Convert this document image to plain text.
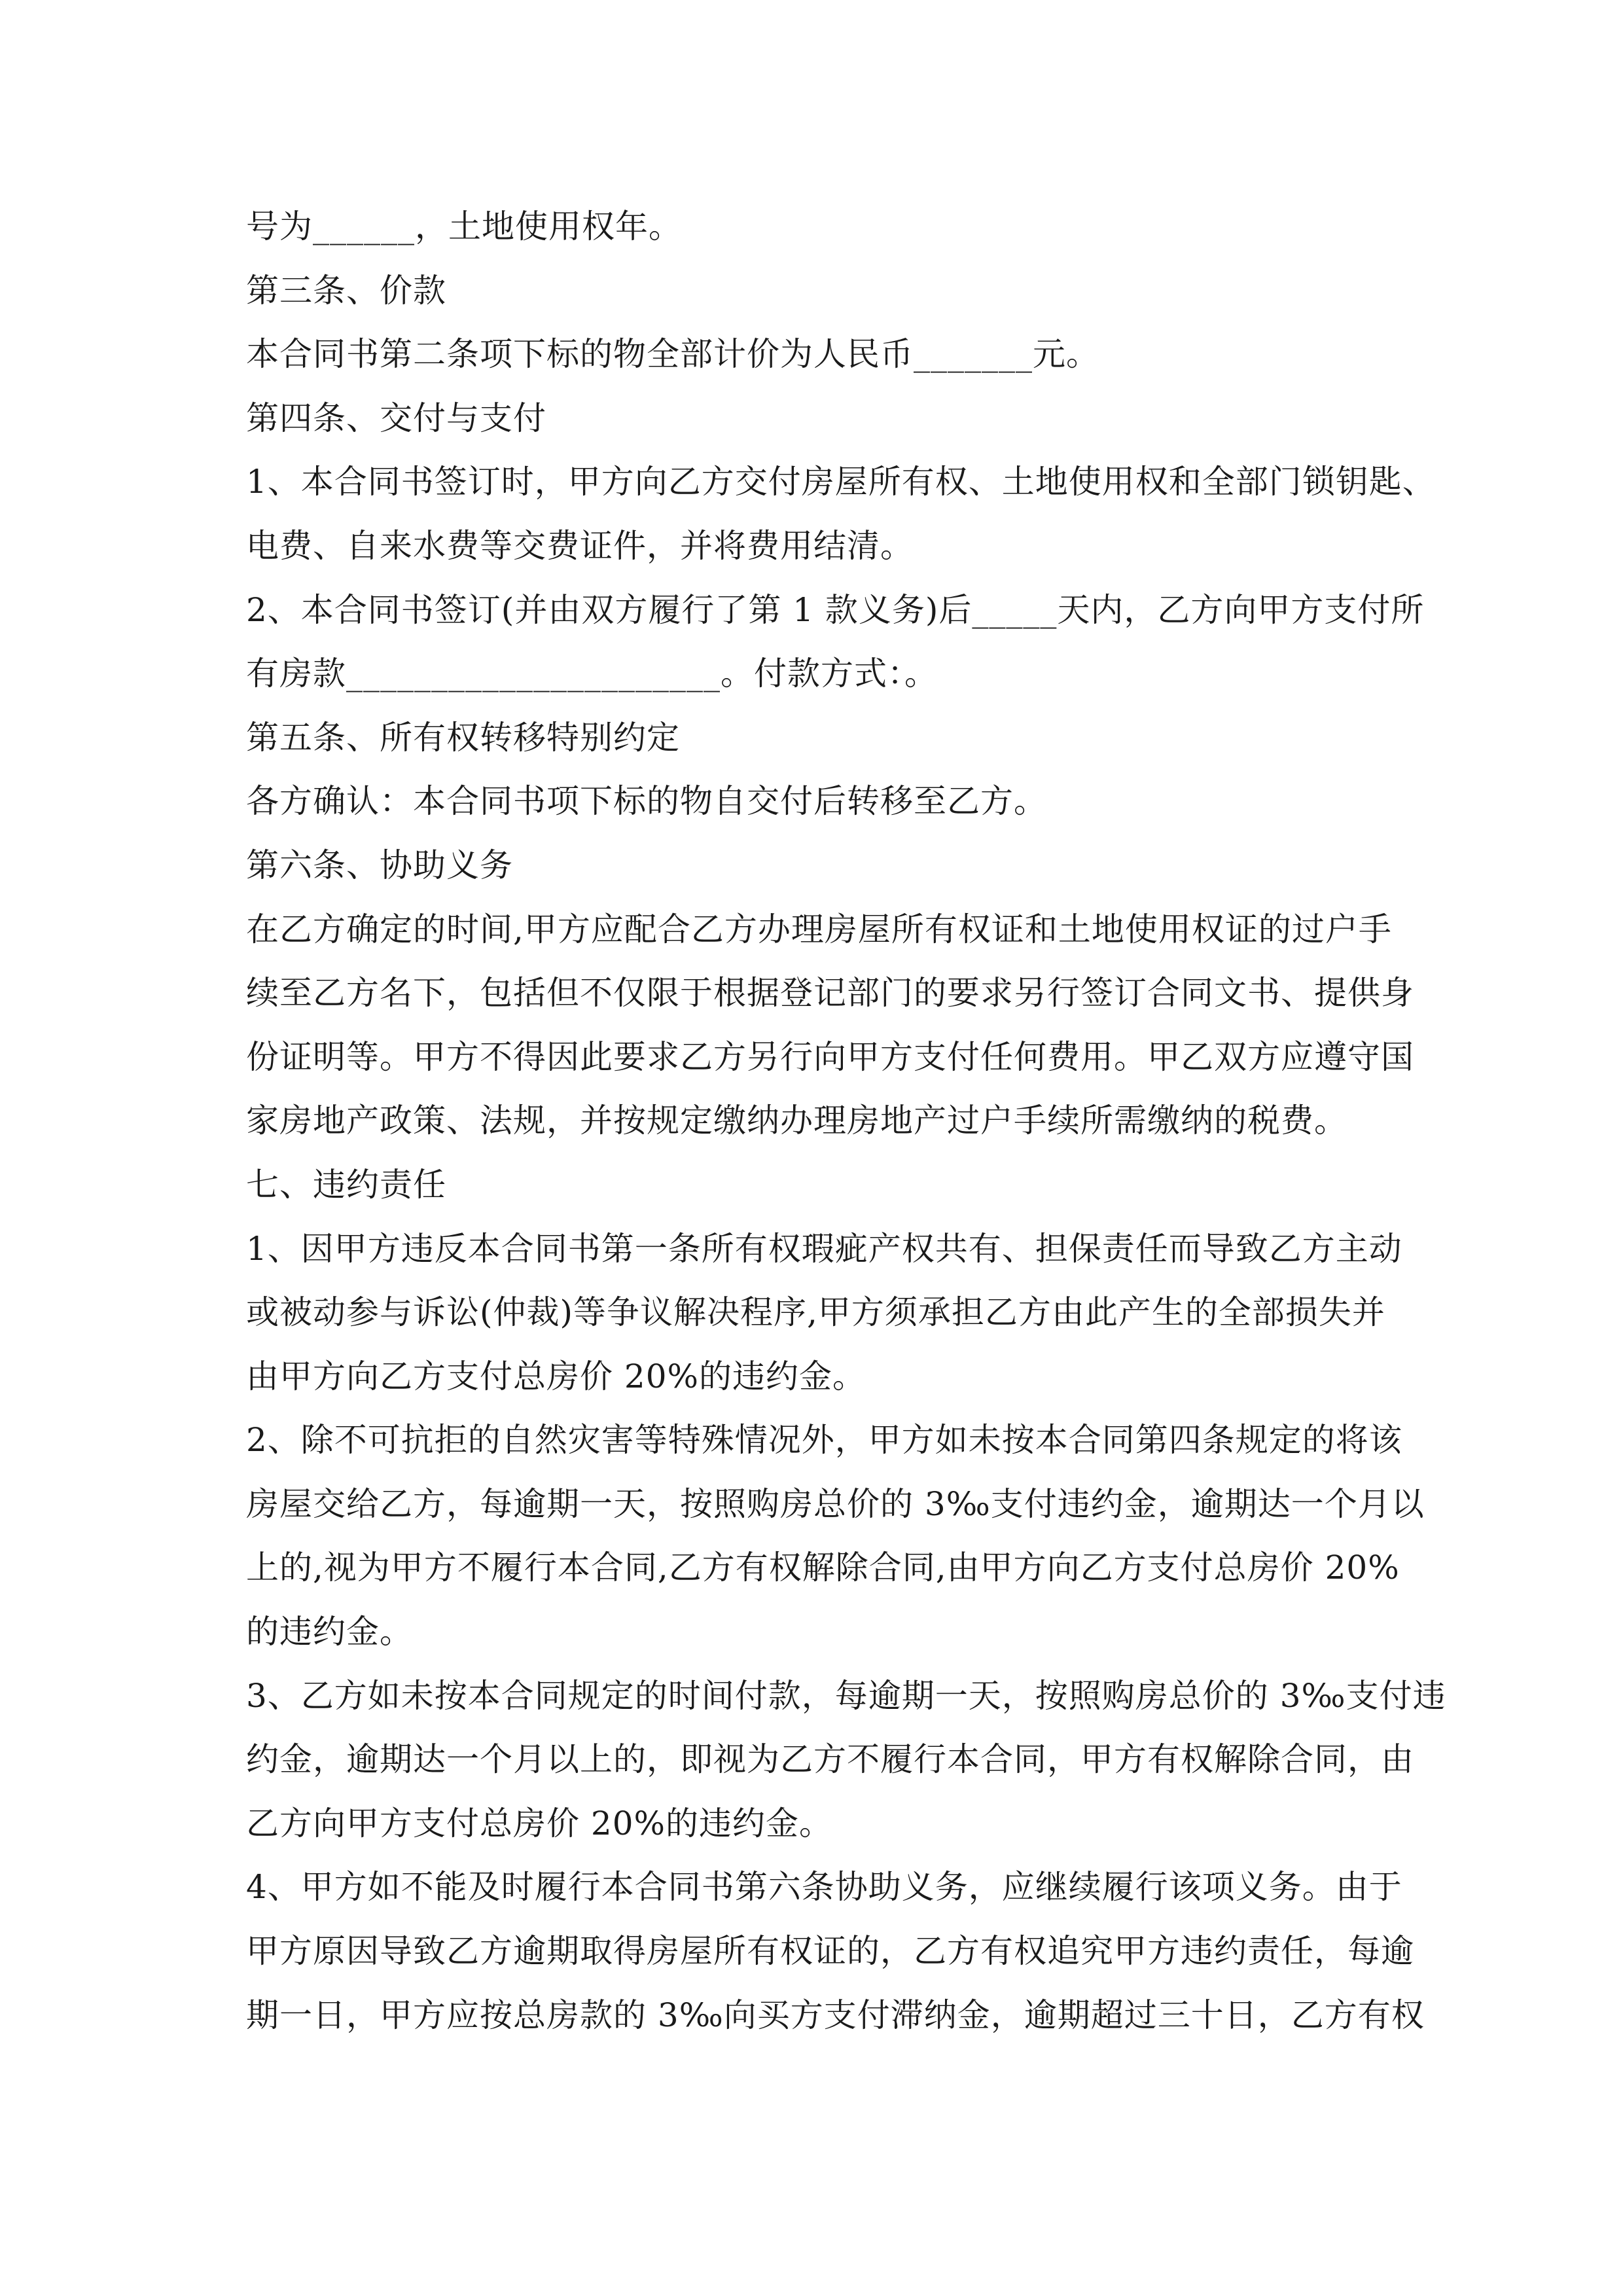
号为______，土地使用权年。
第三条、价款
本合同书第二条项下标的物全部计价为人民币_______元。
第四条、交付与支付
1、本合同书签订时，甲方向乙方交付房屋所有权、土地使用权和全部门锁钥匙、
电费、自来水费等交费证件，并将费用结清。
2、本合同书签订(并由双方履行了第 1 款义务)后_____天内，乙方向甲方支付所
有房款______________________。付款方式：。
第五条、所有权转移特别约定
各方确认：本合同书项下标的物自交付后转移至乙方。
第六条、协助义务
在乙方确定的时间,甲方应配合乙方办理房屋所有权证和土地使用权证的过户手
续至乙方名下，包括但不仅限于根据登记部门的要求另行签订合同文书、提供身
份证明等。甲方不得因此要求乙方另行向甲方支付任何费用。甲乙双方应遵守国
家房地产政策、法规，并按规定缴纳办理房地产过户手续所需缴纳的税费。
七、违约责任
1、因甲方违反本合同书第一条所有权瑕疵产权共有、担保责任而导致乙方主动
或被动参与诉讼(仲裁)等争议解决程序,甲方须承担乙方由此产生的全部损失并
由甲方向乙方支付总房价 20%的违约金。
2、除不可抗拒的自然灾害等特殊情况外，甲方如未按本合同第四条规定的将该
房屋交给乙方，每逾期一天，按照购房总价的 3‰支付违约金，逾期达一个月以
上的,视为甲方不履行本合同,乙方有权解除合同,由甲方向乙方支付总房价 20%
的违约金。
3、乙方如未按本合同规定的时间付款，每逾期一天，按照购房总价的 3‰支付违
约金，逾期达一个月以上的，即视为乙方不履行本合同，甲方有权解除合同，由
乙方向甲方支付总房价 20%的违约金。
4、甲方如不能及时履行本合同书第六条协助义务，应继续履行该项义务。由于
甲方原因导致乙方逾期取得房屋所有权证的，乙方有权追究甲方违约责任，每逾
期一日，甲方应按总房款的 3‰向买方支付滞纳金，逾期超过三十日，乙方有权
